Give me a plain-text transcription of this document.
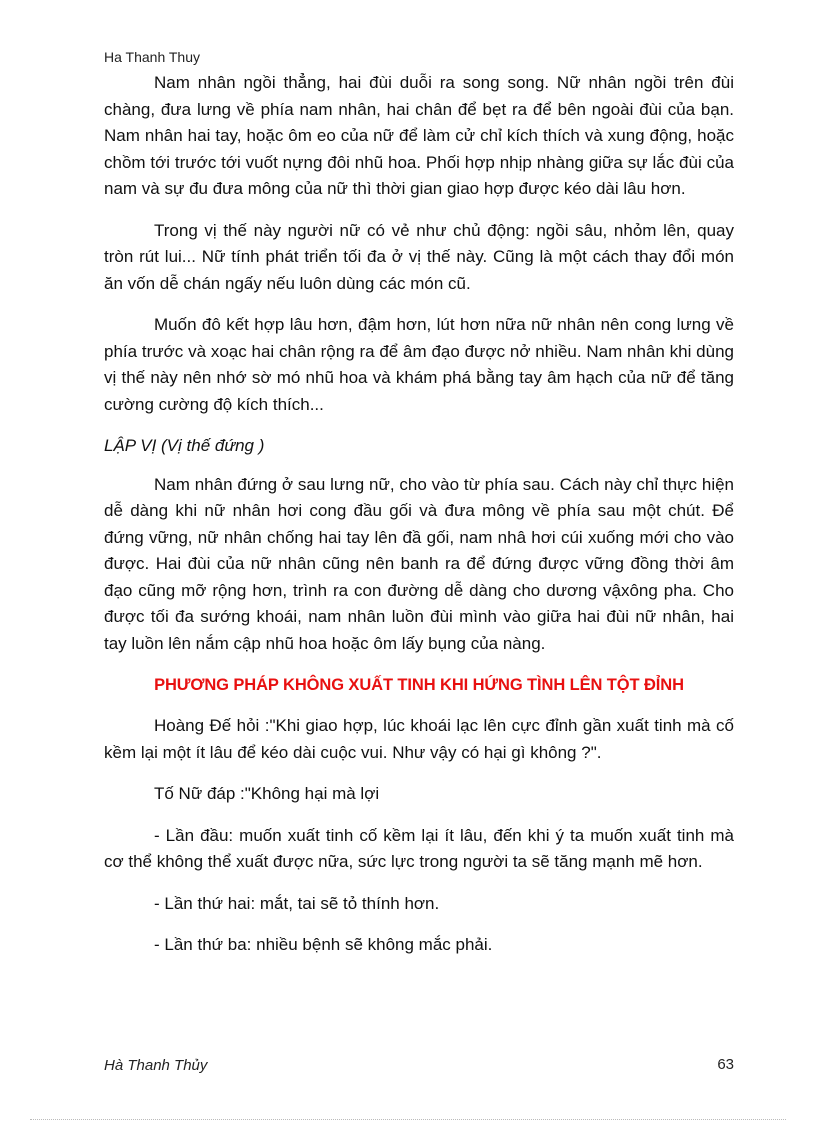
Ha Thanh Thuy

Nam nhân ngồi thẳng, hai đùi duỗi ra song song. Nữ nhân ngồi trên đùi chàng, đưa lưng về phía nam nhân, hai chân để bẹt ra để bên ngoài đùi của bạn. Nam nhân hai tay, hoặc ôm eo của nữ để làm cử chỉ kích thích và xung động, hoặc chồm tới trước tới vuốt nựng đôi nhũ hoa. Phối hợp nhịp nhàng giữa sự lắc đùi của nam và sự đu đưa mông của nữ thì thời gian giao hợp được kéo dài lâu hơn.

Trong vị thế này người nữ có vẻ như chủ động: ngồi sâu, nhỏm lên, quay tròn rút lui... Nữ tính phát triển tối đa ở vị thế này. Cũng là một cách thay đổi món ăn vốn dễ chán ngấy nếu luôn dùng các món cũ.

Muốn đô kết hợp lâu hơn, đậm hơn, lút hơn nữa nữ nhân nên cong lưng về phía trước và xoạc hai chân rộng ra để âm đạo được nở nhiều. Nam nhân khi dùng vị thế này nên nhớ sờ mó nhũ hoa và khám phá bằng tay âm hạch của nữ để tăng cường cường độ kích thích...

LẬP VỊ (Vị thế đứng )

Nam nhân đứng ở sau lưng nữ, cho vào từ phía sau. Cách này chỉ thực hiện dễ dàng khi nữ nhân hơi cong đầu gối và đưa mông về phía sau một chút. Để đứng vững, nữ nhân chống hai tay lên đầ gối, nam nhâ hơi cúi xuống mới cho vào được. Hai đùi của nữ nhân cũng nên banh ra để đứng được vững đồng thời âm đạo cũng mỡ rộng hơn, trình ra con đường dễ dàng cho dương vậxông pha. Cho được tối đa sướng khoái, nam nhân luồn đùi mình vào giữa hai đùi nữ nhân, hai tay luồn lên nắm cập nhũ hoa hoặc ôm lấy bụng của nàng.

PHƯƠNG PHÁP KHÔNG XUẤT TINH KHI HỨNG TÌNH LÊN TỘT ĐỈNH

Hoàng Đế hỏi :"Khi giao hợp, lúc khoái lạc lên cực đỉnh gần xuất tinh mà cố kềm lại một ít lâu để kéo dài cuộc vui. Như vậy có hại gì không ?".

Tố Nữ đáp :"Không hại mà lợi

- Lần đầu: muốn xuất tinh cố kềm lại ít lâu, đến khi ý ta muốn xuất tinh mà cơ thể không thể xuất được nữa, sức lực trong người ta sẽ tăng mạnh mẽ hơn.

- Lần thứ hai: mắt, tai sẽ tỏ thính hơn.

- Lần thứ ba: nhiều bệnh sẽ không mắc phải.

Hà Thanh Thủy	63
